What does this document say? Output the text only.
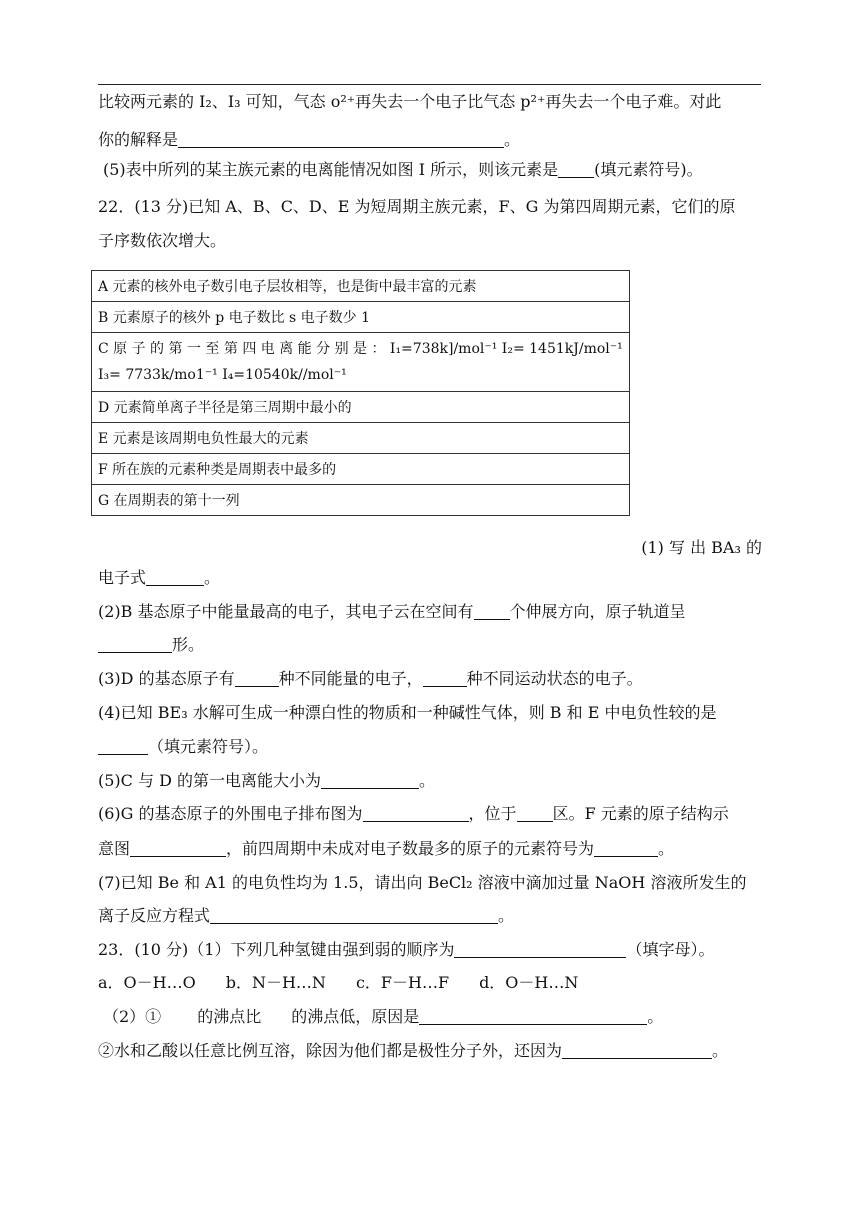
比较两元素的 I₂、I₃ 可知，气态 o²⁺再失去一个电子比气态 p²⁺再失去一个电子难。对此
你的解释是	。
(5)表中所列的某主族元素的电离能情况如图 I 所示，则该元素是 (填元素符号)。
22．(13 分)已知 A、B、C、D、E 为短周期主族元素，F、G 为第四周期元素，它们的原
子序数依次增大。
A 元素的核外电子数引电子层妆相等，也是街中最丰富的元素
B 元素原子的核外 p 电子数比 s 电子数少 1

C 原 子 的 第 一 至 第 四 电 离 能 分 别 是 ： I₁=738k]/mol⁻¹ I₂= 1451kJ/mol⁻¹
I₃= 7733k/mo1⁻¹ I₄=10540k//mol⁻¹

D 元素简单离子半径是第三周期中最小的
E 元素是该周期电负性最大的元素
F 所在族的元素种类是周期表中最多的
G 在周期表的第十一列
(1) 写 出 BA₃ 的
电子式	。
(2)B 基态原子中能量最高的电子，其电子云在空间有 个伸展方向，原子轨道呈
形。
(3)D 的基态原子有	种不同能量的电子，	种不同运动状态的电子。
(4)已知 BE₃ 水解可生成一种漂白性的物质和一种碱性气体，则 B 和 E 中电负性较的是
（填元素符号）。
(5)C 与 D 的第一电离能大小为	。
(6)G 的基态原子的外围电子排布图为	，位于 区。F 元素的原子结构示
意图	，前四周期中未成对电子数最多的原子的元素符号为	。
(7)已知 Be 和 A1 的电负性均为 1.5，请出向 BeCl₂ 溶液中滴加过量 NaOH 溶液所发生的
离子反应方程式	。
23．(10 分)（1）下列几种氢键由强到弱的顺序为	（填字母）。
a．O－H…O b．N－H…N c．F－H…F d．O－H…N
（2）① 的沸点比 的沸点低，原因是	。
②水和乙酸以任意比例互溶，除因为他们都是极性分子外，还因为	。
